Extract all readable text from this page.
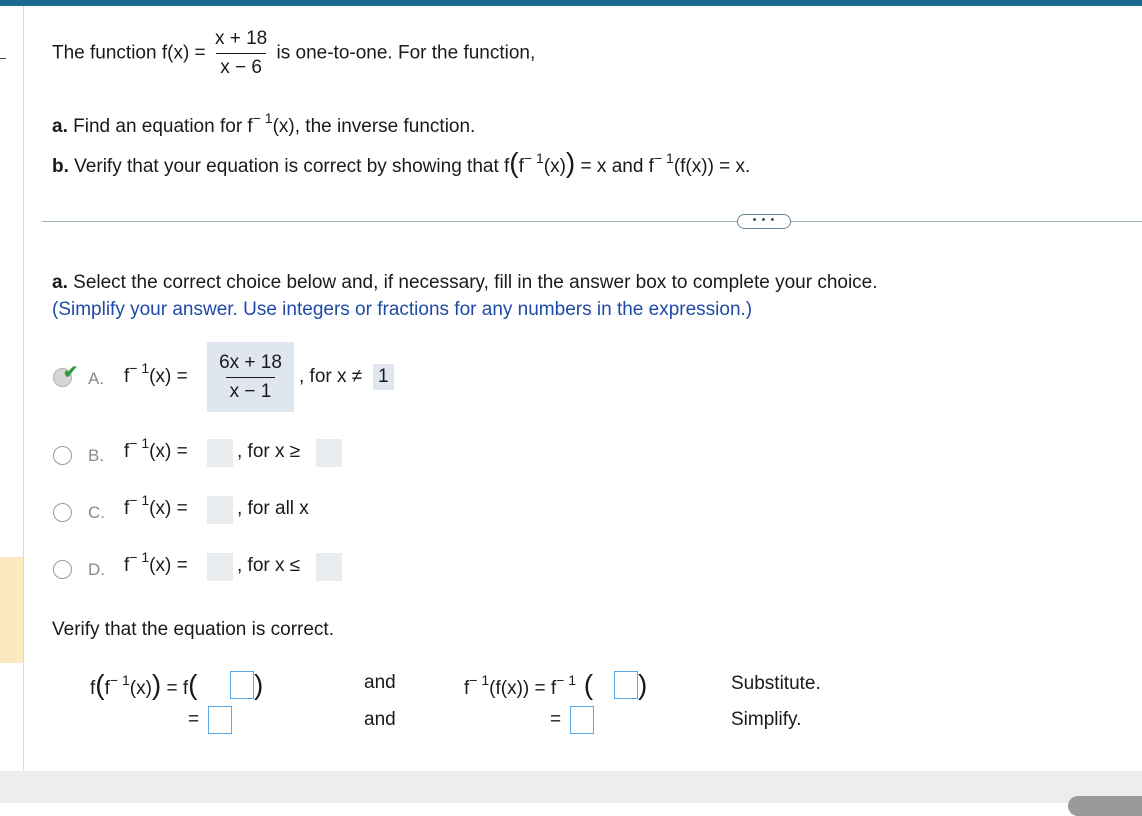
The function $f(x) = \frac{x + 18}{x - 6}$ is one-to-one. For the function,
a. Find an equation for $f^{- 1}(x)$, the inverse function.
b. Verify that your equation is correct by showing that $f(f^{- 1}(x)) = x$ and $f^{- 1}(f(x)) = x$.
• • •
a. Select the correct choice below and, if necessary, fill in the answer box to complete your choice.
(Simplify your answer. Use integers or fractions for any numbers in the expression.)
✔ A. $f^{- 1}(x) = \frac{6x + 18}{x - 1}$ , for x ≠ 1
B. $f^{- 1}(x)$ =	, for x ≥
C. $f^{- 1}(x)$ =	, for all x
D. $f^{- 1}(x)$ =	, for x ≤
Verify that the equation is correct.
$f(f^{- 1}(x)) = f$( )	and	$f^{- 1}(f(x)) = f^{- 1}$ ( )	Substitute.
=	and	=	Simplify.
